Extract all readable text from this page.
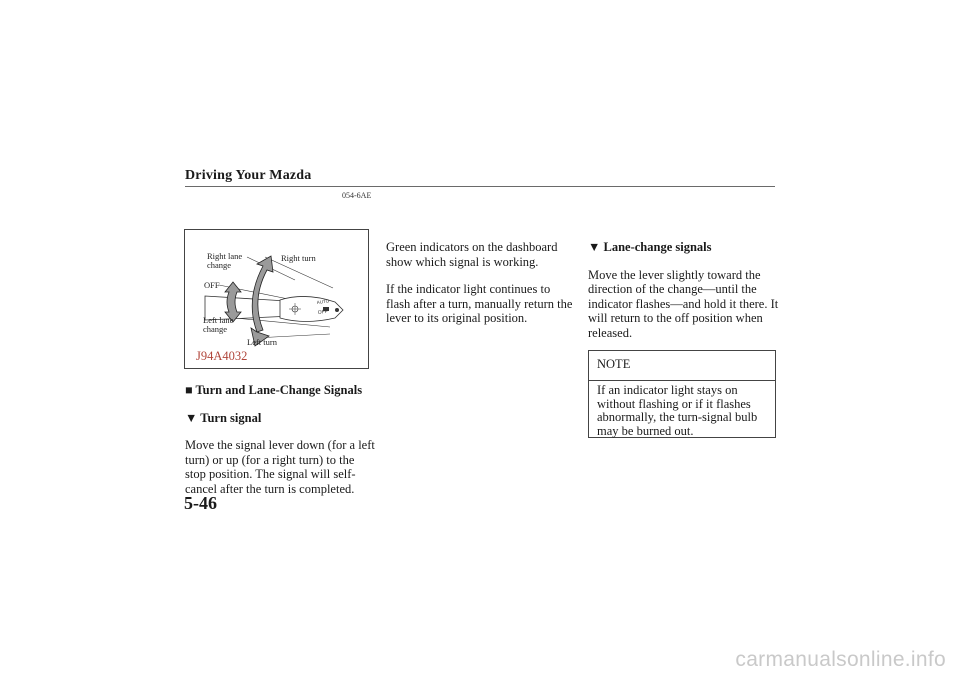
Driving Your Mazda
054-6AE
AUTO
OFF
Right lane
change
Right turn
OFF
Left lane
change
Left turn
J94A4032

■ Turn and Lane-Change Signals

▼ Turn signal

Move the signal lever down (for a left turn) or up (for a right turn) to the stop position. The signal will self-cancel after the turn is completed.

Green indicators on the dashboard show which signal is working.

If the indicator light continues to flash after a turn, manually return the lever to its original position.

▼ Lane-change signals

Move the lever slightly toward the direction of the change—until the indicator flashes—and hold it there. It will return to the off position when released.

NOTE
If an indicator light stays on without flashing or if it flashes abnormally, the turn-signal bulb may be burned out.
5-46
carmanualsonline.info
